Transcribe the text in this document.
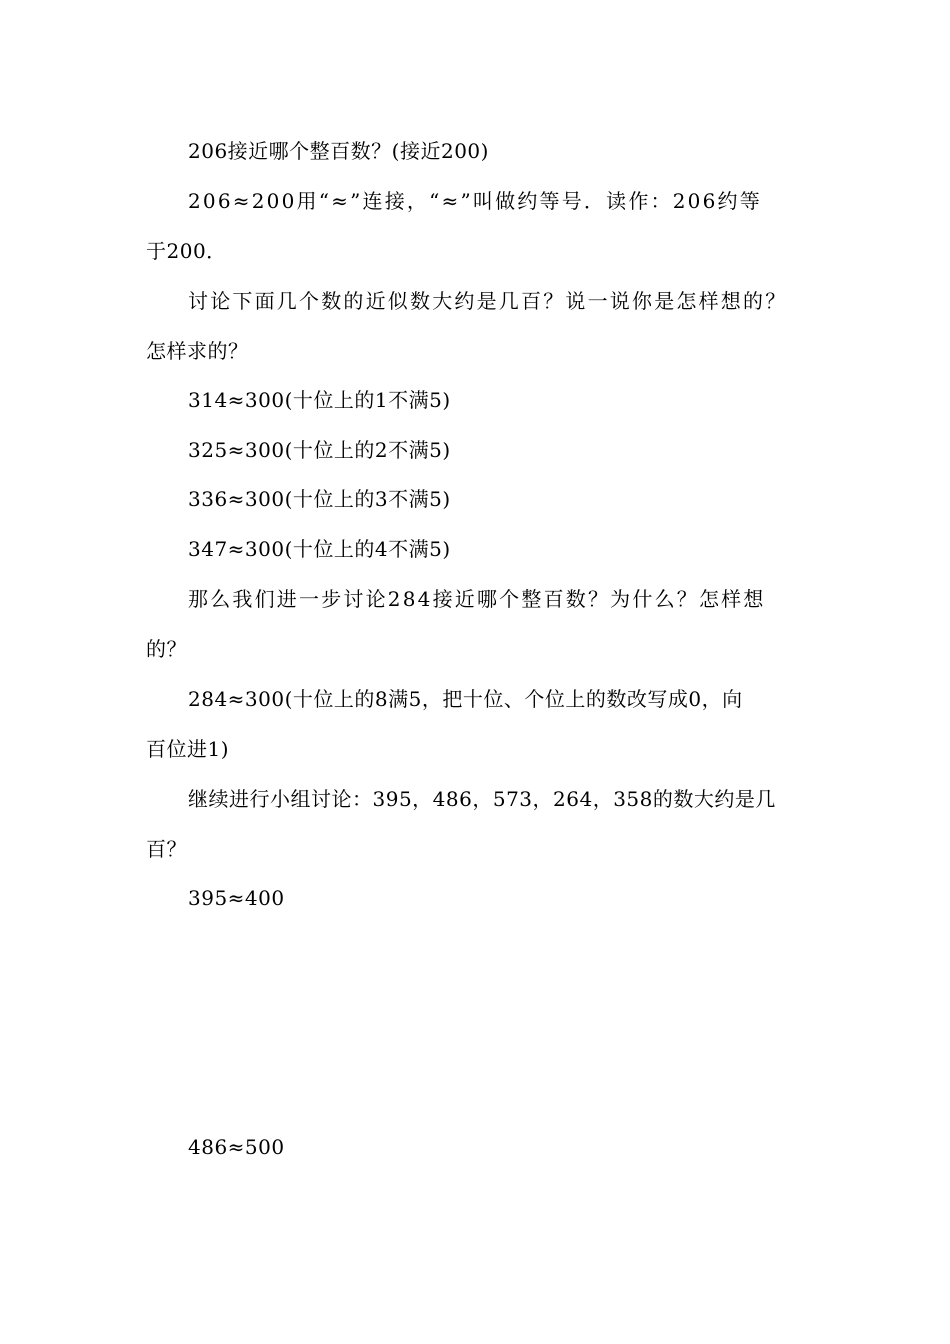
206接近哪个整百数？(接近200)
206≈200用“≈”连接，“≈”叫做约等号．读作：206约等
于200．
讨论下面几个数的近似数大约是几百？说一说你是怎样想的？
怎样求的？
314≈300(十位上的1不满5)
325≈300(十位上的2不满5)
336≈300(十位上的3不满5)
347≈300(十位上的4不满5)
那么我们进一步讨论284接近哪个整百数？为什么？怎样想
的？
284≈300(十位上的8满5，把十位、个位上的数改写成0，向
百位进1)
继续进行小组讨论：395，486，573，264，358的数大约是几
百？
395≈400
486≈500
